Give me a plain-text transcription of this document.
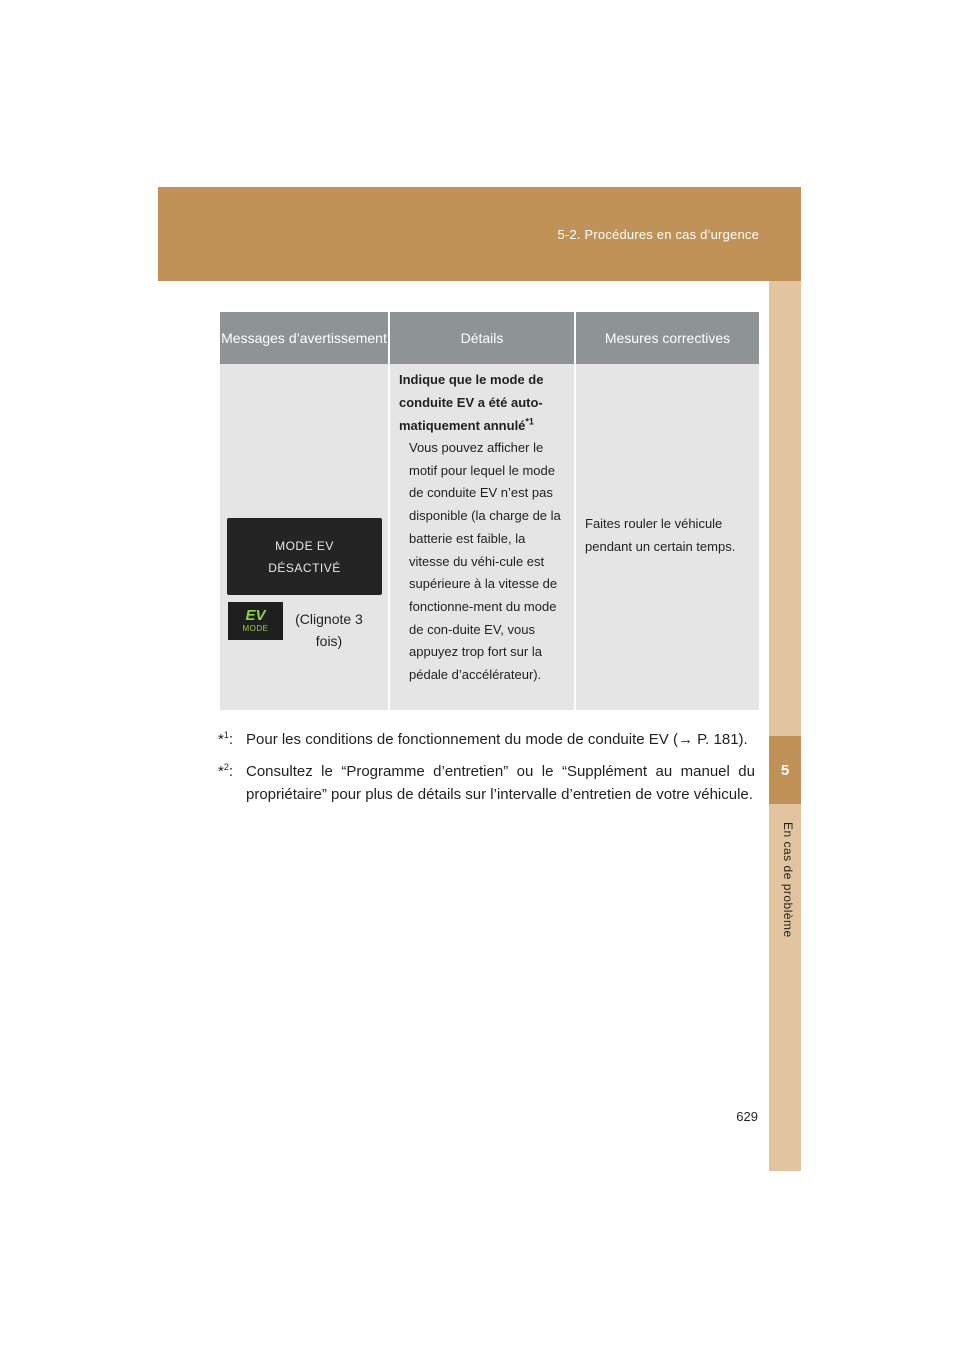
5-2. Procédures en cas d’urgence
5
En cas de problème
Messages d’avertissement	Détails	Mesures correctives
MODE EV
DÉSACTIVÉ
EV
MODE
(Clignote 3 fois)
Indique que le mode de conduite EV a été auto-matiquement annulé$^{*1}$
Vous pouvez afficher le motif pour lequel le mode de conduite EV n’est pas disponible (la charge de la batterie est faible, la vitesse du véhi-cule est supérieure à la vitesse de fonctionne-ment du mode de con-duite EV, vous appuyez trop fort sur la pédale d’accélérateur).
Faites rouler le véhicule pendant un certain temps.
*$^1$: Pour les conditions de fonctionnement du mode de conduite EV (→ P. 181).
*$^2$: Consultez le “Programme d’entretien” ou le “Supplément au manuel du propriétaire” pour plus de détails sur l’intervalle d’entretien de votre véhicule.
629
